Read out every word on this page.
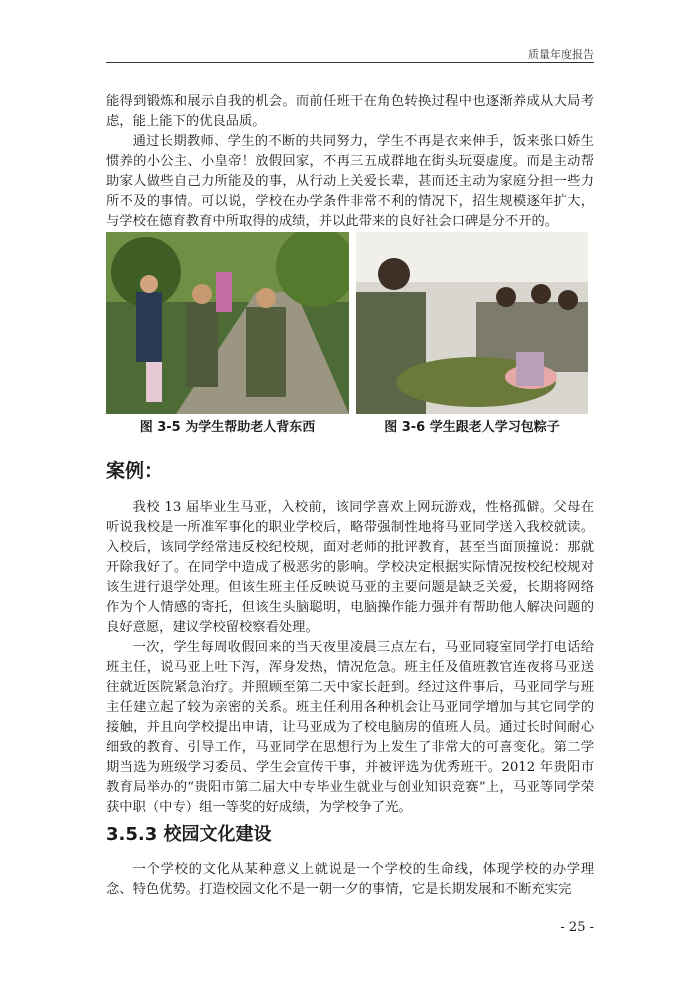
质量年度报告

能得到锻炼和展示自我的机会。而前任班干在角色转换过程中也逐渐养成从大局考虑，能上能下的优良品质。

通过长期教师、学生的不断的共同努力，学生不再是衣来伸手，饭来张口娇生惯养的小公主、小皇帝！放假回家，不再三五成群地在街头玩耍虚度。而是主动帮助家人做些自己力所能及的事，从行动上关爱长辈，甚而还主动为家庭分担一些力所不及的事情。可以说，学校在办学条件非常不利的情况下，招生规模逐年扩大，与学校在德育教育中所取得的成绩，并以此带来的良好社会口碑是分不开的。

图 3-5 为学生帮助老人背东西	图 3-6 学生跟老人学习包粽子
案例：

我校 13 届毕业生马亚，入校前，该同学喜欢上网玩游戏，性格孤僻。父母在听说我校是一所准军事化的职业学校后，略带强制性地将马亚同学送入我校就读。入校后，该同学经常违反校纪校规，面对老师的批评教育，甚至当面顶撞说：那就开除我好了。在同学中造成了极恶劣的影响。学校决定根据实际情况按校纪校规对该生进行退学处理。但该生班主任反映说马亚的主要问题是缺乏关爱，长期将网络作为个人情感的寄托，但该生头脑聪明，电脑操作能力强并有帮助他人解决问题的良好意愿，建议学校留校察看处理。

一次，学生每周收假回来的当天夜里凌晨三点左右，马亚同寝室同学打电话给班主任，说马亚上吐下泻，浑身发热，情况危急。班主任及值班教官连夜将马亚送往就近医院紧急治疗。并照顾至第二天中家长赶到。经过这件事后，马亚同学与班主任建立起了较为亲密的关系。班主任利用各种机会让马亚同学增加与其它同学的接触，并且向学校提出申请，让马亚成为了校电脑房的值班人员。通过长时间耐心细致的教育、引导工作，马亚同学在思想行为上发生了非常大的可喜变化。第二学期当选为班级学习委员、学生会宣传干事，并被评选为优秀班干。2012 年贵阳市教育局举办的“贵阳市第二届大中专毕业生就业与创业知识竞赛”上，马亚等同学荣获中职（中专）组一等奖的好成绩，为学校争了光。

3.5.3 校园文化建设

一个学校的文化从某种意义上就说是一个学校的生命线，体现学校的办学理念、特色优势。打造校园文化不是一朝一夕的事情，它是长期发展和不断充实完

- 25 -
